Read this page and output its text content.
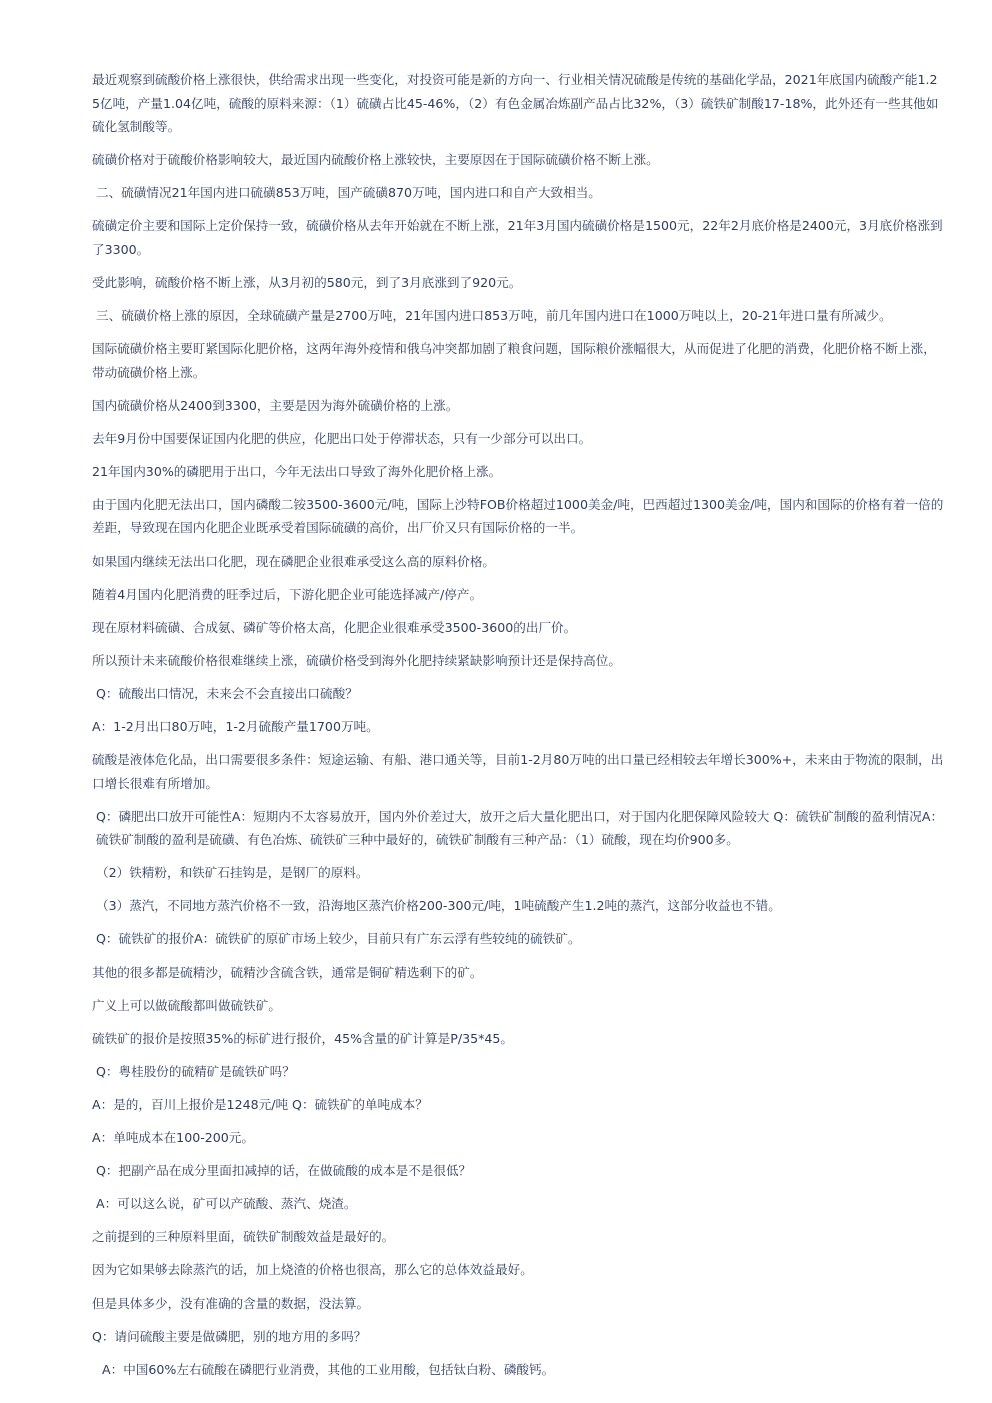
最近观察到硫酸价格上涨很快，供给需求出现一些变化，对投资可能是新的方向一、行业相关情况硫酸是传统的基础化学品，2021年底国内硫酸产能1.25亿吨，产量1.04亿吨，硫酸的原料来源：（1）硫磺占比45-46%，（2）有色金属冶炼副产品占比32%，（3）硫铁矿制酸17-18%，此外还有一些其他如硫化氢制酸等。

硫磺价格对于硫酸价格影响较大，最近国内硫酸价格上涨较快，主要原因在于国际硫磺价格不断上涨。

二、硫磺情况21年国内进口硫磺853万吨，国产硫磺870万吨，国内进口和自产大致相当。

硫磺定价主要和国际上定价保持一致，硫磺价格从去年开始就在不断上涨，21年3月国内硫磺价格是1500元，22年2月底价格是2400元，3月底价格涨到了3300。

受此影响，硫酸价格不断上涨，从3月初的580元，到了3月底涨到了920元。

三、硫磺价格上涨的原因，全球硫磺产量是2700万吨，21年国内进口853万吨，前几年国内进口在1000万吨以上，20-21年进口量有所减少。

国际硫磺价格主要盯紧国际化肥价格，这两年海外疫情和俄乌冲突都加剧了粮食问题，国际粮价涨幅很大，从而促进了化肥的消费，化肥价格不断上涨，带动硫磺价格上涨。

国内硫磺价格从2400到3300，主要是因为海外硫磺价格的上涨。

去年9月份中国要保证国内化肥的供应，化肥出口处于停滞状态，只有一少部分可以出口。

21年国内30%的磷肥用于出口，今年无法出口导致了海外化肥价格上涨。

由于国内化肥无法出口，国内磷酸二铵3500-3600元/吨，国际上沙特FOB价格超过1000美金/吨，巴西超过1300美金/吨，国内和国际的价格有着一倍的差距，导致现在国内化肥企业既承受着国际硫磺的高价，出厂价又只有国际价格的一半。

如果国内继续无法出口化肥，现在磷肥企业很难承受这么高的原料价格。

随着4月国内化肥消费的旺季过后，下游化肥企业可能选择减产/停产。

现在原材料硫磺、合成氨、磷矿等价格太高，化肥企业很难承受3500-3600的出厂价。

所以预计未来硫酸价格很难继续上涨，硫磺价格受到海外化肥持续紧缺影响预计还是保持高位。

Q：硫酸出口情况，未来会不会直接出口硫酸？

A：1-2月出口80万吨，1-2月硫酸产量1700万吨。

硫酸是液体危化品，出口需要很多条件：短途运输、有船、港口通关等，目前1-2月80万吨的出口量已经相较去年增长300%+，未来由于物流的限制，出口增长很难有所增加。

Q：磷肥出口放开可能性A：短期内不太容易放开，国内外价差过大，放开之后大量化肥出口，对于国内化肥保障风险较大 Q：硫铁矿制酸的盈利情况A：硫铁矿制酸的盈利是硫磺、有色冶炼、硫铁矿三种中最好的，硫铁矿制酸有三种产品：（1）硫酸，现在均价900多。

（2）铁精粉，和铁矿石挂钩是，是钢厂的原料。

（3）蒸汽，不同地方蒸汽价格不一致，沿海地区蒸汽价格200-300元/吨，1吨硫酸产生1.2吨的蒸汽，这部分收益也不错。

Q：硫铁矿的报价A：硫铁矿的原矿市场上较少，目前只有广东云浮有些较纯的硫铁矿。

其他的很多都是硫精沙，硫精沙含硫含铁，通常是铜矿精选剩下的矿。

广义上可以做硫酸都叫做硫铁矿。

硫铁矿的报价是按照35%的标矿进行报价，45%含量的矿计算是P/35*45。

Q：粤桂股份的硫精矿是硫铁矿吗？

A：是的，百川上报价是1248元/吨 Q：硫铁矿的单吨成本？

A：单吨成本在100-200元。

Q：把副产品在成分里面扣减掉的话，在做硫酸的成本是不是很低？

A：可以这么说，矿可以产硫酸、蒸汽、烧渣。

之前提到的三种原料里面，硫铁矿制酸效益是最好的。

因为它如果够去除蒸汽的话，加上烧渣的价格也很高，那么它的总体效益最好。

但是具体多少，没有准确的含量的数据，没法算。

Q：请问硫酸主要是做磷肥，别的地方用的多吗？

A：中国60%左右硫酸在磷肥行业消费，其他的工业用酸，包括钛白粉、磷酸钙。
